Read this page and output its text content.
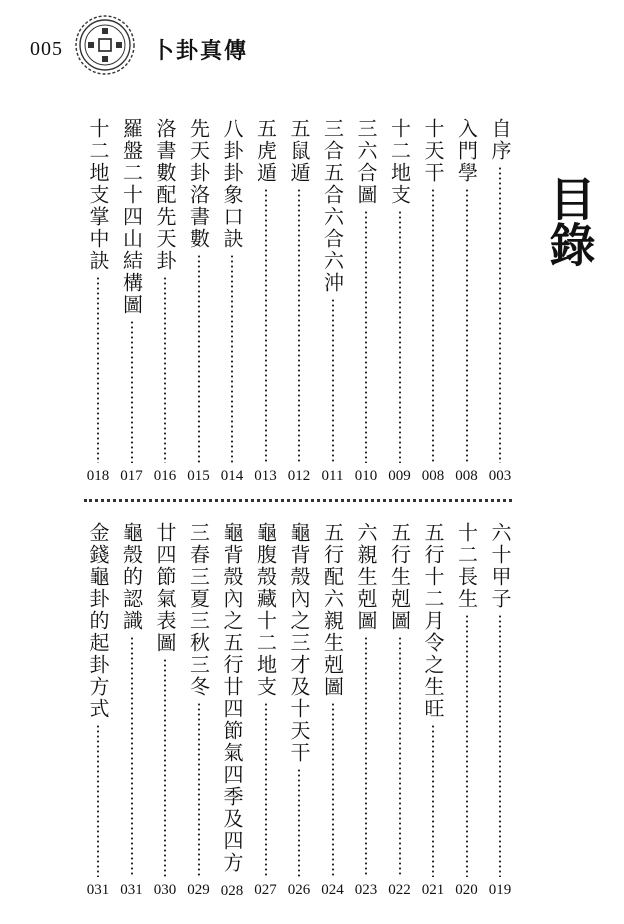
005	卜卦真傳
目錄
自序
003
入門學
008
十天干
008
十二地支
009
三六合圖
010
三合五合六合六沖
011
五鼠遁
012
五虎遁
013
八卦卦象口訣
014
先天卦洛書數
015
洛書數配先天卦
016
羅盤二十四山結構圖
017
十二地支掌中訣
018
六十甲子
019
十二長生
020
五行十二月令之生旺
021
五行生剋圖
022
六親生剋圖
023
五行配六親生剋圖
024
龜背殼內之三才及十天干
026
龜腹殼藏十二地支
027
龜背殼內之五行廿四節氣四季及四方
028
三春三夏三秋三冬
029
廿四節氣表圖
030
龜殼的認識
031
金錢龜卦的起卦方式
031
